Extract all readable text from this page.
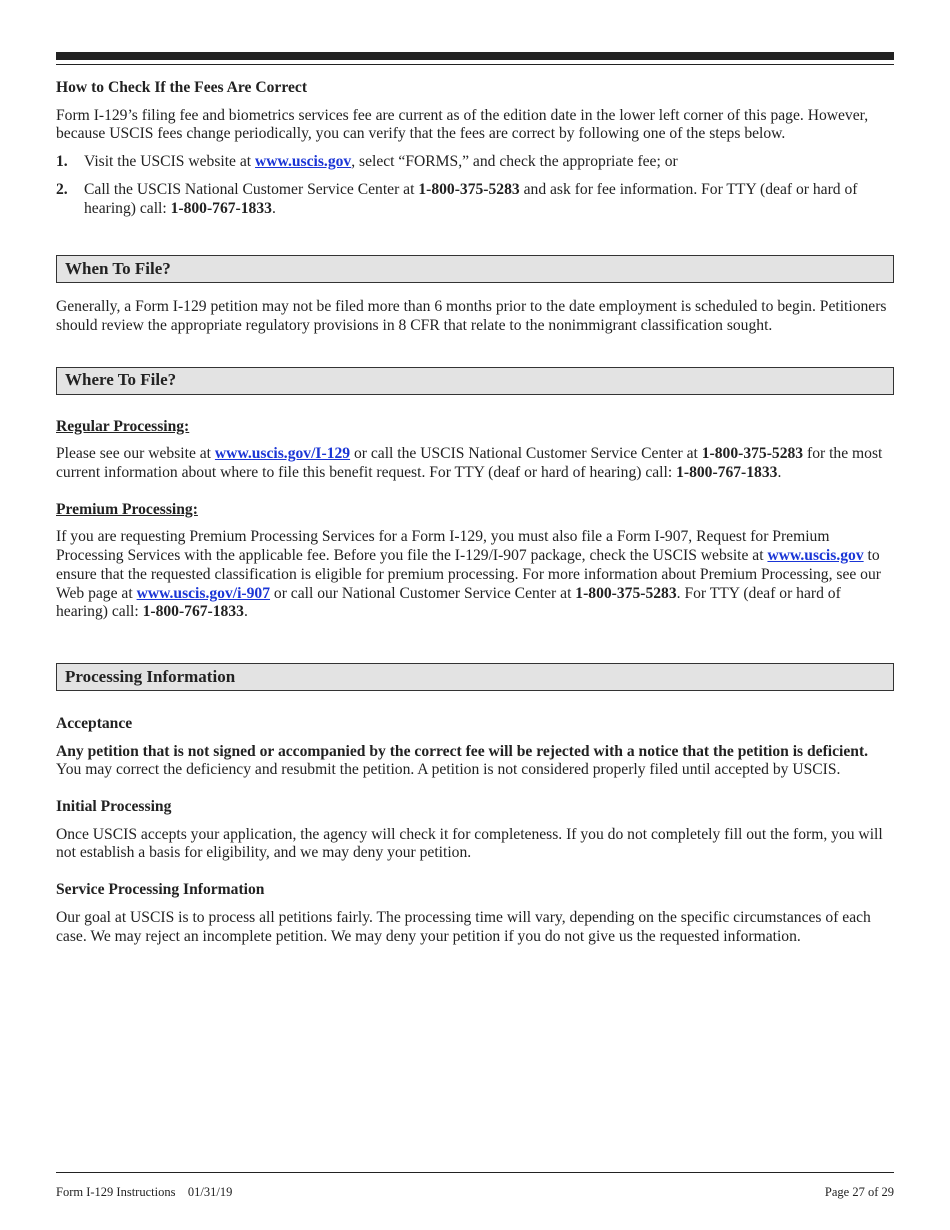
How to Check If the Fees Are Correct

Form I-129’s filing fee and biometrics services fee are current as of the edition date in the lower left corner of this page. However, because USCIS fees change periodically, you can verify that the fees are correct by following one of the steps below.

1.	Visit the USCIS website at www.uscis.gov, select “FORMS,” and check the appropriate fee; or
2.	Call the USCIS National Customer Service Center at 1-800-375-5283 and ask for fee information. For TTY (deaf or hard of hearing) call: 1-800-767-1833.
When To File?

Generally, a Form I-129 petition may not be filed more than 6 months prior to the date employment is scheduled to begin. Petitioners should review the appropriate regulatory provisions in 8 CFR that relate to the nonimmigrant classification sought.

Where To File?

Regular Processing:

Please see our website at www.uscis.gov/I-129 or call the USCIS National Customer Service Center at 1-800-375-5283 for the most current information about where to file this benefit request. For TTY (deaf or hard of hearing) call: 1-800-767-1833.

Premium Processing:

If you are requesting Premium Processing Services for a Form I-129, you must also file a Form I-907, Request for Premium Processing Services with the applicable fee. Before you file the I-129/I-907 package, check the USCIS website at www.uscis.gov to ensure that the requested classification is eligible for premium processing. For more information about Premium Processing, see our Web page at www.uscis.gov/i-907 or call our National Customer Service Center at 1-800-375-5283. For TTY (deaf or hard of hearing) call: 1-800-767-1833.

Processing Information

Acceptance

Any petition that is not signed or accompanied by the correct fee will be rejected with a notice that the petition is deficient. You may correct the deficiency and resubmit the petition. A petition is not considered properly filed until accepted by USCIS.

Initial Processing

Once USCIS accepts your application, the agency will check it for completeness. If you do not completely fill out the form, you will not establish a basis for eligibility, and we may deny your petition.

Service Processing Information

Our goal at USCIS is to process all petitions fairly. The processing time will vary, depending on the specific circumstances of each case. We may reject an incomplete petition. We may deny your petition if you do not give us the requested information.

Form I-129 Instructions    01/31/19	Page 27 of 29
